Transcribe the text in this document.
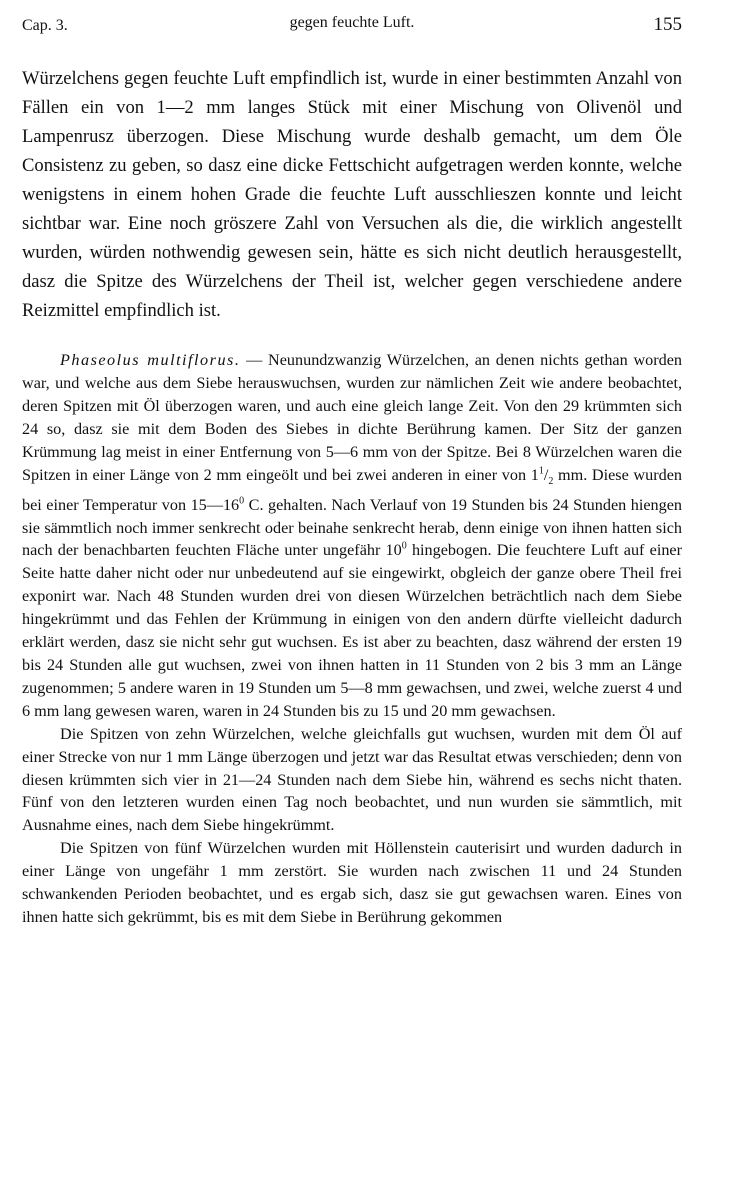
Cap. 3.	gegen feuchte Luft.	155

Würzelchens gegen feuchte Luft empfindlich ist, wurde in einer bestimmten Anzahl von Fällen ein von 1—2 mm langes Stück mit einer Mischung von Olivenöl und Lampenrusz überzogen. Diese Mischung wurde deshalb gemacht, um dem Öle Consistenz zu geben, so dasz eine dicke Fettschicht aufgetragen werden konnte, welche wenigstens in einem hohen Grade die feuchte Luft ausschlieszen konnte und leicht sichtbar war. Eine noch gröszere Zahl von Versuchen als die, die wirklich angestellt wurden, würden nothwendig gewesen sein, hätte es sich nicht deutlich herausgestellt, dasz die Spitze des Würzelchens der Theil ist, welcher gegen verschiedene andere Reizmittel empfindlich ist.

Phaseolus multiflorus. — Neunundzwanzig Würzelchen, an denen nichts gethan worden war, und welche aus dem Siebe herauswuchsen, wurden zur nämlichen Zeit wie andere beobachtet, deren Spitzen mit Öl überzogen waren, und auch eine gleich lange Zeit. Von den 29 krümmten sich 24 so, dasz sie mit dem Boden des Siebes in dichte Berührung kamen. Der Sitz der ganzen Krümmung lag meist in einer Entfernung von 5—6 mm von der Spitze. Bei 8 Würzelchen waren die Spitzen in einer Länge von 2 mm eingeölt und bei zwei anderen in einer von $1^1/_2$ mm. Diese wurden bei einer Temperatur von $15—16^0$ C. gehalten. Nach Verlauf von 19 Stunden bis 24 Stunden hiengen sie sämmtlich noch immer senkrecht oder beinahe senkrecht herab, denn einige von ihnen hatten sich nach der benachbarten feuchten Fläche unter ungefähr $10^0$ hingebogen. Die feuchtere Luft auf einer Seite hatte daher nicht oder nur unbedeutend auf sie eingewirkt, obgleich der ganze obere Theil frei exponirt war. Nach 48 Stunden wurden drei von diesen Würzelchen beträchtlich nach dem Siebe hingekrümmt und das Fehlen der Krümmung in einigen von den andern dürfte vielleicht dadurch erklärt werden, dasz sie nicht sehr gut wuchsen. Es ist aber zu beachten, dasz während der ersten 19 bis 24 Stunden alle gut wuchsen, zwei von ihnen hatten in 11 Stunden von 2 bis 3 mm an Länge zugenommen; 5 andere waren in 19 Stunden um 5—8 mm gewachsen, und zwei, welche zuerst 4 und 6 mm lang gewesen waren, waren in 24 Stunden bis zu 15 und 20 mm gewachsen.

Die Spitzen von zehn Würzelchen, welche gleichfalls gut wuchsen, wurden mit dem Öl auf einer Strecke von nur 1 mm Länge überzogen und jetzt war das Resultat etwas verschieden; denn von diesen krümmten sich vier in 21—24 Stunden nach dem Siebe hin, während es sechs nicht thaten. Fünf von den letzteren wurden einen Tag noch beobachtet, und nun wurden sie sämmtlich, mit Ausnahme eines, nach dem Siebe hingekrümmt.

Die Spitzen von fünf Würzelchen wurden mit Höllenstein cauterisirt und wurden dadurch in einer Länge von ungefähr 1 mm zerstört. Sie wurden nach zwischen 11 und 24 Stunden schwankenden Perioden beobachtet, und es ergab sich, dasz sie gut gewachsen waren. Eines von ihnen hatte sich gekrümmt, bis es mit dem Siebe in Berührung gekommen
